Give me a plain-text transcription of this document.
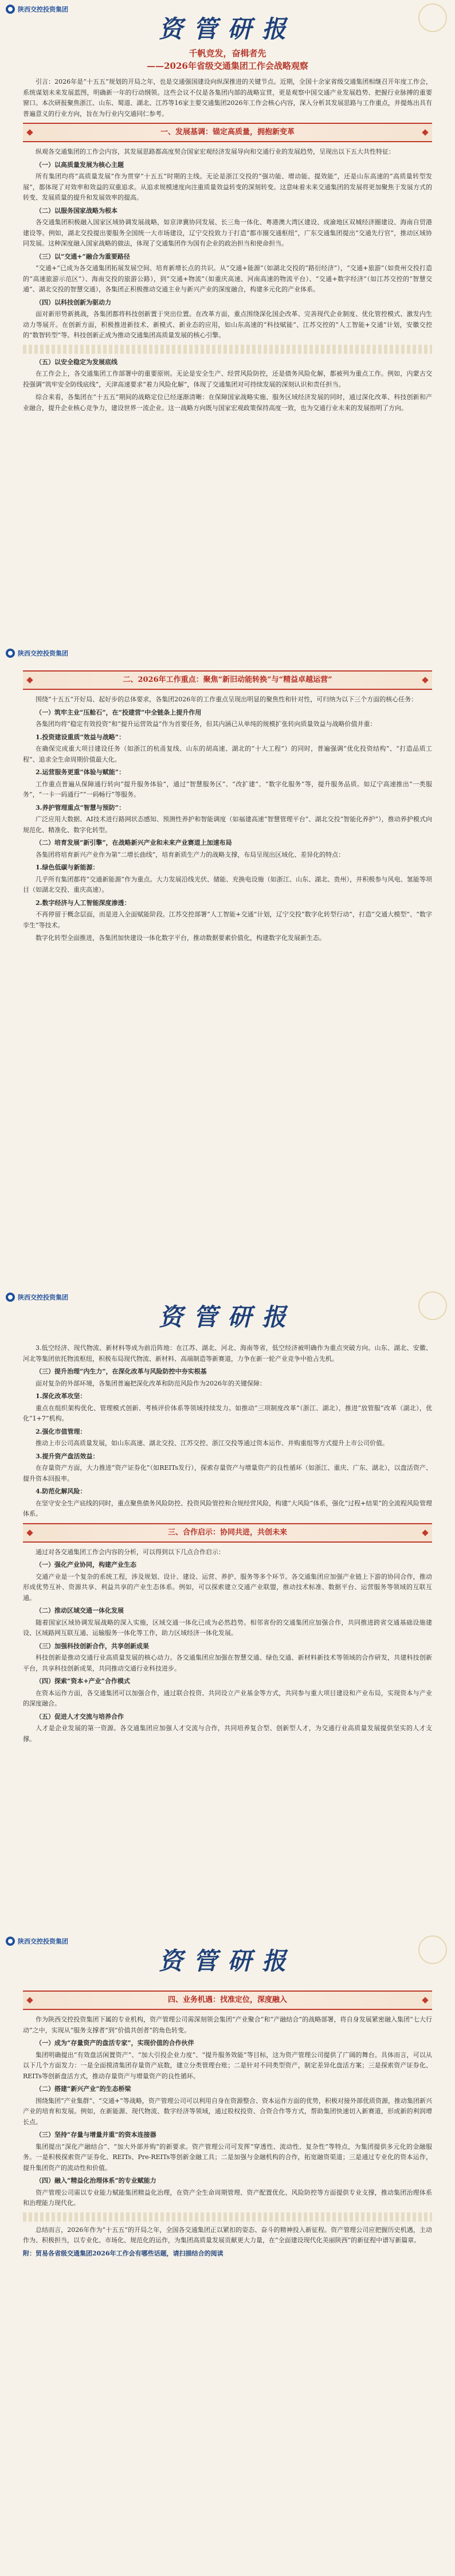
陕西交控投资集团
资管研报
千帆竞发，奋楫者先
——2026年省级交通集团工作会战略观察

引言：2026年是“十五五”规划的开局之年，也是交通强国建设向纵深推进的关键节点。近期，全国十余家省级交通集团相继召开年度工作会，系统谋划未来发展蓝图，明确新一年的行动纲领。这些会议不仅是各集团内部的战略宣贯，更是观察中国交通产业发展趋势、把握行业脉搏的重要窗口。本次研报聚焦浙江、山东、蜀道、湖北、江苏等16家主要交通集团2026年工作会核心内容，深入分析其发展思路与工作重点，并提炼出具有普遍意义的行业方向，旨在为行业内交通同仁参考。

一、发展基调：锚定高质量，拥抱新变革

纵观各交通集团的工作会内容，其发展思路都高度契合国家宏观经济发展导向和交通行业的发展趋势，呈现出以下五大共性特征：

（一）以高质量发展为核心主题

所有集团均将“高质量发展”作为贯穿“十五五”时期的主线。无论是浙江交投的“强功能、增动能、提效能”，还是山东高速的“高质量转型发展”，都体现了对效率和效益的双重追求。从追求规模速度向注重质量效益转变的深刻转变。这意味着未来交通集团的发展将更加聚焦于发展方式的转变、发展质量的提升和发展效率的提高。

（二）以服务国家战略为根本

各交通集团积极融入国家区域协调发展战略，如京津冀协同发展、长三角一体化、粤港澳大湾区建设、成渝地区双城经济圈建设、海南自贸港建设等。例如，湖北交投提出要服务全国统一大市场建设，辽宁交投致力于打造“都市圈交通枢纽”，广东交通集团提出“交通先行官”，推动区域协同发展。这种深度融入国家战略的做法，体现了交通集团作为国有企业的政治担当和使命担当。

（三）以“交通+”融合为重要路径

“交通+”已成为各交通集团拓展发展空间、培育新增长点的共识。从“交通+能源”（如湖北交投的“路衍经济”），“交通+旅游”（如贵州交投打造的“高速旅游示范区”）、海南交投的旅游公路），到“交通+物流”（如重庆高速、河南高速的物流平台）、“交通+数字经济”（如江苏交控的“智慧交通”、湖北交投的智慧交通），各集团正积极推动交通主业与新兴产业的深度融合，构建多元化的产业体系。

（四）以科技创新为驱动力

面对新形势新挑战，各集团都将科技创新置于突出位置。在改革方面，重点围绕深化国企改革、完善现代企业制度、优化管控模式、激发内生动力等展开。在创新方面，积极推进新技术、新模式、新业态的应用，如山东高速的“科技赋能”、江苏交控的“人工智能+交通”计划，安徽交控的“数智转型”等。科技创新正成为推动交通集团高质量发展的核心引擎。

（五）以安全稳定为发展底线

在工作会上，各交通集团工作部署中的重要原则。无论是安全生产、经营风险防控，还是债务风险化解，都被列为重点工作。例如，内蒙古交投强调“筑牢安全防线底线”，天津高速要求“着力风险化解”，体现了交通集团对可持续发展的深刻认识和责任担当。

综合来看，各集团在“十五五”期间的战略定位已经逐渐清晰：在保障国家战略实施、服务区域经济发展的同时，通过深化改革、科技创新和产业融合，提升企业核心竞争力，建设世界一流企业。这一战略方向既与国家宏观政策保持高度一致，也为交通行业未来的发展指明了方向。

陕西交控投资集团
二、2026年工作重点：聚焦“新旧动能转换”与“精益卓越运营”

围绕“十五五”开好局、起好步的总体要求，各集团2026年的工作重点呈现出明显的聚焦性和针对性，可归纳为以下三个方面的核心任务：

（一）筑牢主业“压舱石”，在“投建营”中全链条上提升作用

各集团均将“稳定有效投资”和“提升运营效益”作为首要任务，但其内涵已从单纯的规模扩张转向质量效益与战略价值并重：

1.投资建设重质“效益与战略”：

在确保完成重大项目建设任务（如浙江的杭甬复线、山东的胡高速、湖北的“十大工程”）的同时，普遍强调“优化投资结构”、“打造品质工程”、追求全生命周期价值最大化。

2.运营服务更重“体验与赋能”：

工作重点普遍从保障通行转向“提升服务体验”，通过“智慧服务区”、“改扩建”、“数字化服务”等，提升服务品质。如辽宁高速推出“一类服务”，“一卡一码通行”“一码畅行”等服务。

3.养护管理重点“智慧与预防”：

广泛应用大数据、AI技术进行路网状态感知、预测性养护和智能调度（如福建高速“智慧管理平台”、湖北交投“智能化养护”），推动养护模式向规范化、精准化、数字化转型。

（二）培育发展“新引擎”，在战略新兴产业和未来产业赛道上加速布局

各集团将培育新兴产业作为第“二增长曲线”，培育新质生产力的战略支撑，布局呈现出区域化、差异化的特点：

1.绿色低碳与新能源：

几乎所有集团都将“交通新能源”作为重点。大力发展沿线光伏、储能、充换电设施（如浙江、山东、湖北、贵州），并积极参与风电、氢能等项目（如湖北交投、重庆高速）。

2.数字经济与人工智能深度渗透：

不再停留于概念层面，而是进入全面赋能阶段。江苏交控部署“人工智能+交通”计划，辽宁交投“数字化转型行动”，打造“交通大模型”、“数字孪生”等技术。

数字化转型全面推进，各集团加快建设一体化数字平台，推动数据要素价值化，构建数字化发展新生态。

陕西交控投资集团
资管研报

3.低空经济、现代物流、新材料等成为前沿阵地：在江苏、湖北、河北、海南等省，低空经济被明确作为重点突破方向。山东、湖北、安徽、河北等集团依托物流枢纽，积极布局现代物流、新材料、高端制造等新赛道，力争在新一轮产业竞争中抢占先机。

（三）提升治理“内生力”，在深化改革与风险防控中夯实根基

面对复杂的外部环境，各集团普遍把深化改革和防范风险作为2026年的关键保障：

1.深化改革攻坚：

重点在组织架构优化、管理模式创新、考核评价体系等领域持续发力。如推动“三项制度改革”（浙江、湖北），推进“放管服”改革（湖北），优化“1+7”机构。

2.强化市值管理：

推动上市公司高质量发展，如山东高速、湖北交投、江苏交控、浙江交投等通过资本运作、并购重组等方式提升上市公司价值。

3.提升资产盘活效益：

在存量资产方面，大力推进“资产证券化”（如REITs发行），探索存量资产与增量资产的良性循环（如浙江、重庆、广东、湖北），以盘活资产、提升资本回报率。

4.防范化解风险：

在坚守安全生产底线的同时，重点聚焦债务风险防控、投资风险管控和合规经营风险，构建“大风险”体系，强化“过程+结果”的全流程风险管理体系。

三、合作启示：协同共进，共创未来

通过对各交通集团工作会内容的分析，可以得到以下几点合作启示：

（一）强化产业协同，构建产业生态

交通产业是一个复杂的系统工程，涉及规划、设计、建设、运营、养护、服务等多个环节。各交通集团应加强产业链上下游的协同合作，推动形成优势互补、资源共享、利益共享的产业生态体系。例如，可以探索建立交通产业联盟，推动技术标准、数据平台、运营服务等领域的互联互通。

（二）推动区域交通一体化发展

随着国家区域协调发展战略的深入实施，区域交通一体化已成为必然趋势。相邻省份的交通集团应加强合作，共同推进跨省交通基础设施建设、区域路网互联互通、运输服务一体化等工作，助力区域经济一体化发展。

（三）加强科技创新合作，共享创新成果

科技创新是推动交通行业高质量发展的核心动力。各交通集团应加强在智慧交通、绿色交通、新材料新技术等领域的合作研发，共建科技创新平台，共享科技创新成果，共同推动交通行业科技进步。

（四）探索“资本+产业”合作模式

在资本运作方面，各交通集团可以加强合作，通过联合投资、共同设立产业基金等方式，共同参与重大项目建设和产业布局，实现资本与产业的深度融合。

（五）促进人才交流与培养合作

人才是企业发展的第一资源。各交通集团应加强人才交流与合作，共同培养复合型、创新型人才，为交通行业高质量发展提供坚实的人才支撑。

陕西交控投资集团
资管研报
四、业务机遇：找准定位，深度融入

作为陕西交控投资集团下属的专业机构，资产管理公司需深刻领会集团“产业聚合”和“产融结合”的战略部署，将自身发展紧密融入集团“七大行动”之中，实现从“服务支撑者”到“价值共创者”的角色转变。

（一）成为“存量资产的盘活专家”，实现价值的合作伙伴

集团明确提出“有效盘活闲置资产”、“加大引投企业力度”、“提升服务效能”等目标，这为资产管理公司提供了广阔的舞台。具体而言，可以从以下几个方面发力：一是全面摸清集团存量资产底数，建立分类管理台账；二是针对不同类型资产，制定差异化盘活方案；三是探索资产证券化、REITs等创新盘活方式，推动存量资产与增量资产的良性循环。

（二）搭建“新兴产业”的生态桥梁

围绕集团“产业集群”、“交通+”等战略，资产管理公司可以利用自身在资源整合、资本运作方面的优势，积极对接外部优质资源，推动集团新兴产业的培育和发展。例如，在新能源、现代物流、数字经济等领域，通过股权投资、合资合作等方式，帮助集团快速切入新赛道，形成新的利润增长点。

（三）坚持“存量与增量并重”的资本连接器

集团提出“深化产融结合”、“加大外部并购”的新要求。资产管理公司可发挥“穿透性、流动性、复杂性”等特点，为集团提供多元化的金融服务。一是积极探索资产证券化、REITs、Pre-REITs等创新金融工具；二是加强与金融机构的合作，拓宽融资渠道；三是通过专业化的资本运作，提升集团资产的流动性和价值。

（四）融入“精益化治理体系”的专业赋能力

资产管理公司需以专业能力赋能集团精益化治理，在资产全生命周期管理、资产配置优化、风险防控等方面提供专业支撑，推动集团治理体系和治理能力现代化。

总结而言，2026年作为“十五五”的开局之年，全国各交通集团正以紧扣的姿态、奋斗的精神投入新征程。资产管理公司应把握历史机遇，主动作为、积极担当，以专业化、市场化、规范化的运作，为集团高质量发展贡献更大力量，在“全面建设现代化美丽陕西”的新征程中谱写新篇章。

附：贸易各省级交通集团2026年工作会有哪些话题，请扫描结合的阅读
